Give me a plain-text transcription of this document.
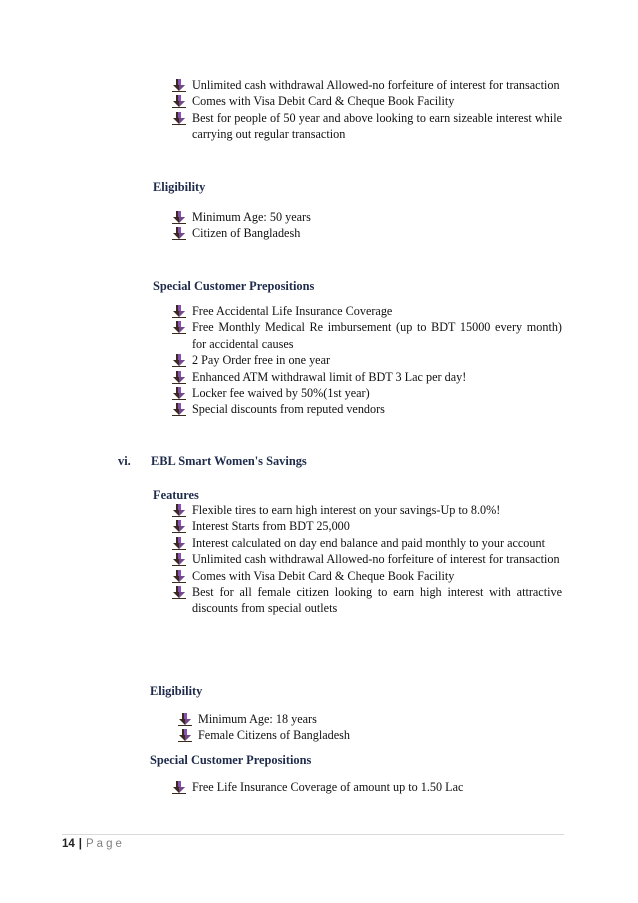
Unlimited cash withdrawal Allowed-no forfeiture of interest for transaction
Comes with Visa Debit Card & Cheque Book Facility
Best for people of 50 year and above looking to earn sizeable interest while carrying out regular transaction
Eligibility
Minimum Age: 50 years
Citizen of Bangladesh
Special Customer Prepositions
Free Accidental Life Insurance Coverage
Free Monthly Medical Re imbursement (up to BDT 15000 every month) for accidental causes
2 Pay Order free in one year
Enhanced ATM withdrawal limit of BDT 3 Lac per day!
Locker fee waived by 50%(1st year)
Special discounts from reputed vendors
vi. EBL Smart Women's Savings
Features
Flexible tires to earn high interest on your savings-Up to 8.0%!
Interest Starts from BDT 25,000
Interest calculated on day end balance and paid monthly to your account
Unlimited cash withdrawal Allowed-no forfeiture of interest for transaction
Comes with Visa Debit Card & Cheque Book Facility
Best for all female citizen looking to earn high interest with attractive discounts from special outlets
Eligibility
Minimum Age: 18 years
Female Citizens of Bangladesh
Special Customer Prepositions
Free Life Insurance Coverage of amount up to 1.50 Lac
14 | Page
